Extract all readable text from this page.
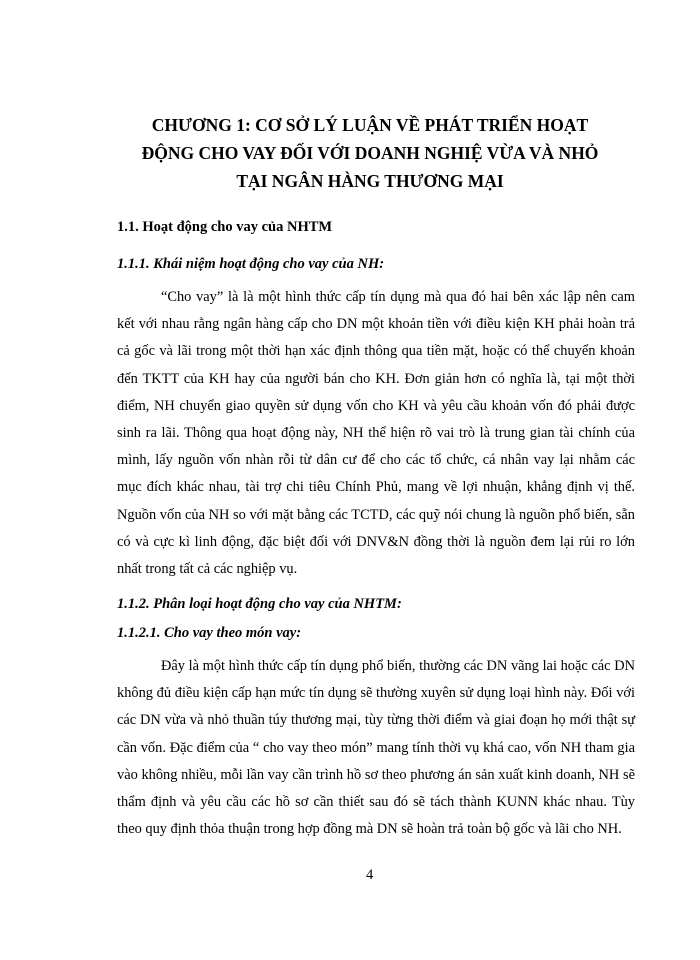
CHƯƠNG 1: CƠ SỞ LÝ LUẬN VỀ PHÁT TRIỂN HOẠT
ĐỘNG CHO VAY ĐỐI VỚI DOANH NGHIỆ VỪA VÀ NHỎ
TẠI NGÂN HÀNG THƯƠNG MẠI
1.1. Hoạt động cho vay của NHTM
1.1.1. Khái niệm hoạt động cho vay của NH:

“Cho vay” là là một hình thức cấp tín dụng mà qua đó hai bên xác lập nên cam kết với nhau rằng ngân hàng cấp cho DN một khoản tiền với điều kiện KH phải hoàn trả cả gốc và lãi trong một thời hạn xác định thông qua tiền mặt, hoặc có thể chuyển khoản đến TKTT của KH hay của người bán cho KH. Đơn giản hơn có nghĩa là, tại một thời điểm, NH chuyển giao quyền sử dụng vốn cho KH và yêu cầu khoản vốn đó phải được sinh ra lãi. Thông qua hoạt động này, NH thể hiện rõ vai trò là trung gian tài chính của mình, lấy nguồn vốn nhàn rỗi từ dân cư để cho các tổ chức, cá nhân vay lại nhằm các mục đích khác nhau, tài trợ chi tiêu Chính Phủ, mang về lợi nhuận, khẳng định vị thế. Nguồn vốn của NH so với mặt bằng các TCTD, các quỹ nói chung là nguồn phổ biến, sẵn có và cực kì linh động, đặc biệt đối với DNV&N đồng thời là nguồn đem lại rủi ro lớn nhất trong tất cả các nghiệp vụ.

1.1.2. Phân loại hoạt động cho vay của NHTM:
1.1.2.1. Cho vay theo món vay:

Đây là một hình thức cấp tín dụng phổ biến, thường các DN vãng lai hoặc các DN không đủ điều kiện cấp hạn mức tín dụng sẽ thường xuyên sử dụng loại hình này. Đối với các DN vừa và nhỏ thuần túy thương mại, tùy từng thời điểm và giai đoạn họ mới thật sự cần vốn. Đặc điểm của “ cho vay theo món” mang tính thời vụ khá cao, vốn NH tham gia vào không nhiều, mỗi lần vay cần trình hồ sơ theo phương án sản xuất kinh doanh, NH sẽ thẩm định và yêu cầu các hồ sơ cần thiết sau đó sẽ tách thành KUNN khác nhau. Tùy theo quy định thỏa thuận trong hợp đồng mà DN sẽ hoàn trả toàn bộ gốc và lãi cho NH.

4
